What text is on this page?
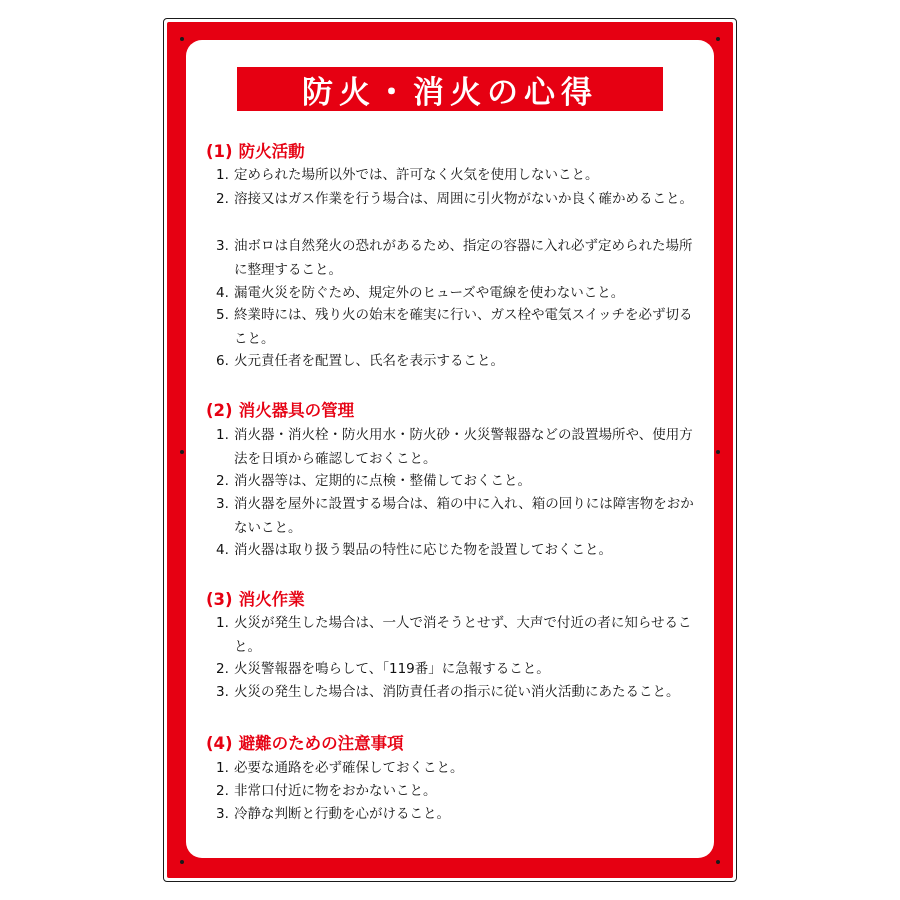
防火・消火の心得
(1) 防火活動
1. 定められた場所以外では、許可なく火気を使用しないこと。
2. 溶接又はガス作業を行う場合は、周囲に引火物がないか良く確かめること。
3. 油ボロは自然発火の恐れがあるため、指定の容器に入れ必ず定められた場所に整理すること。
4. 漏電火災を防ぐため、規定外のヒューズや電線を使わないこと。
5. 終業時には、残り火の始末を確実に行い、ガス栓や電気スイッチを必ず切ること。
6. 火元責任者を配置し、氏名を表示すること。
(2) 消火器具の管理
1. 消火器・消火栓・防火用水・防火砂・火災警報器などの設置場所や、使用方法を日頃から確認しておくこと。
2. 消火器等は、定期的に点検・整備しておくこと。
3. 消火器を屋外に設置する場合は、箱の中に入れ、箱の回りには障害物をおかないこと。
4. 消火器は取り扱う製品の特性に応じた物を設置しておくこと。
(3) 消火作業
1. 火災が発生した場合は、一人で消そうとせず、大声で付近の者に知らせること。
2. 火災警報器を鳴らして、「119番」に急報すること。
3. 火災の発生した場合は、消防責任者の指示に従い消火活動にあたること。
(4) 避難のための注意事項
1. 必要な通路を必ず確保しておくこと。
2. 非常口付近に物をおかないこと。
3. 冷静な判断と行動を心がけること。
